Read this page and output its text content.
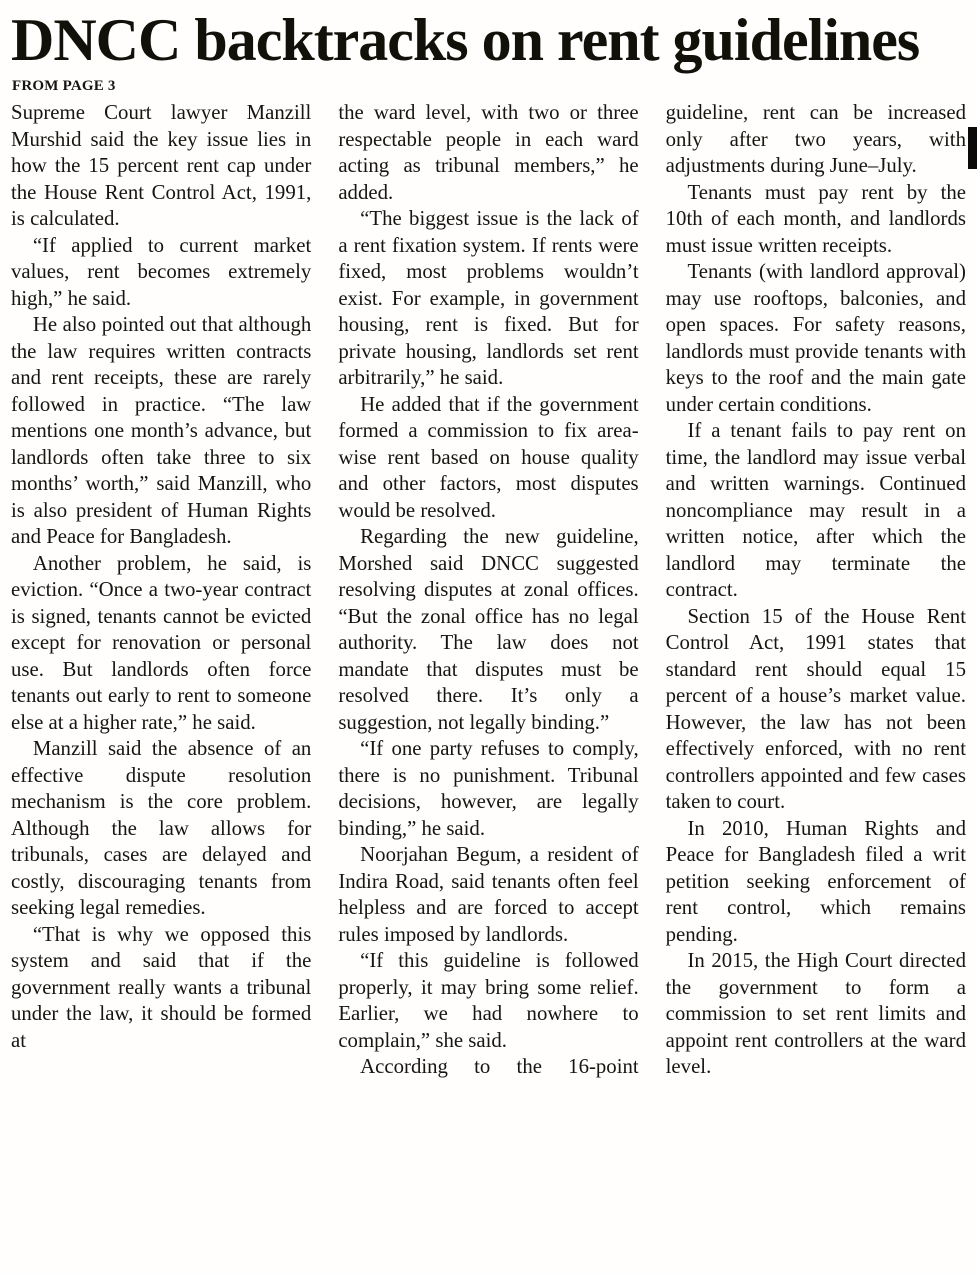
DNCC backtracks on rent guidelines
FROM PAGE 3

Supreme Court lawyer Manzill Murshid said the key issue lies in how the 15 percent rent cap under the House Rent Control Act, 1991, is calculated.

“If applied to current market values, rent becomes extremely high,” he said.

He also pointed out that although the law requires written contracts and rent receipts, these are rarely followed in practice. “The law mentions one month’s advance, but landlords often take three to six months’ worth,” said Manzill, who is also president of Human Rights and Peace for Bangladesh.

Another problem, he said, is eviction. “Once a two-year contract is signed, tenants cannot be evicted except for renovation or personal use. But landlords often force tenants out early to rent to someone else at a higher rate,” he said.

Manzill said the absence of an effective dispute resolution mechanism is the core problem. Although the law allows for tribunals, cases are delayed and costly, discouraging tenants from seeking legal remedies.

“That is why we opposed this system and said that if the government really wants a tribunal under the law, it should be formed at

the ward level, with two or three respectable people in each ward acting as tribunal members,” he added.

“The biggest issue is the lack of a rent fixation system. If rents were fixed, most problems wouldn’t exist. For example, in government housing, rent is fixed. But for private housing, landlords set rent arbitrarily,” he said.

He added that if the government formed a commission to fix area-wise rent based on house quality and other factors, most disputes would be resolved.

Regarding the new guideline, Morshed said DNCC suggested resolving disputes at zonal offices. “But the zonal office has no legal authority. The law does not mandate that disputes must be resolved there. It’s only a suggestion, not legally binding.”

“If one party refuses to comply, there is no punishment. Tribunal decisions, however, are legally binding,” he said.

Noorjahan Begum, a resident of Indira Road, said tenants often feel helpless and are forced to accept rules imposed by landlords.

“If this guideline is followed properly, it may bring some relief. Earlier, we had nowhere to complain,” she said.

According to the 16-point

guideline, rent can be increased only after two years, with adjustments during June–July.

Tenants must pay rent by the 10th of each month, and landlords must issue written receipts.

Tenants (with landlord approval) may use rooftops, balconies, and open spaces. For safety reasons, landlords must provide tenants with keys to the roof and the main gate under certain conditions.

If a tenant fails to pay rent on time, the landlord may issue verbal and written warnings. Continued noncompliance may result in a written notice, after which the landlord may terminate the contract.

Section 15 of the House Rent Control Act, 1991 states that standard rent should equal 15 percent of a house’s market value. However, the law has not been effectively enforced, with no rent controllers appointed and few cases taken to court.

In 2010, Human Rights and Peace for Bangladesh filed a writ petition seeking enforcement of rent control, which remains pending.

In 2015, the High Court directed the government to form a commission to set rent limits and appoint rent controllers at the ward level.
